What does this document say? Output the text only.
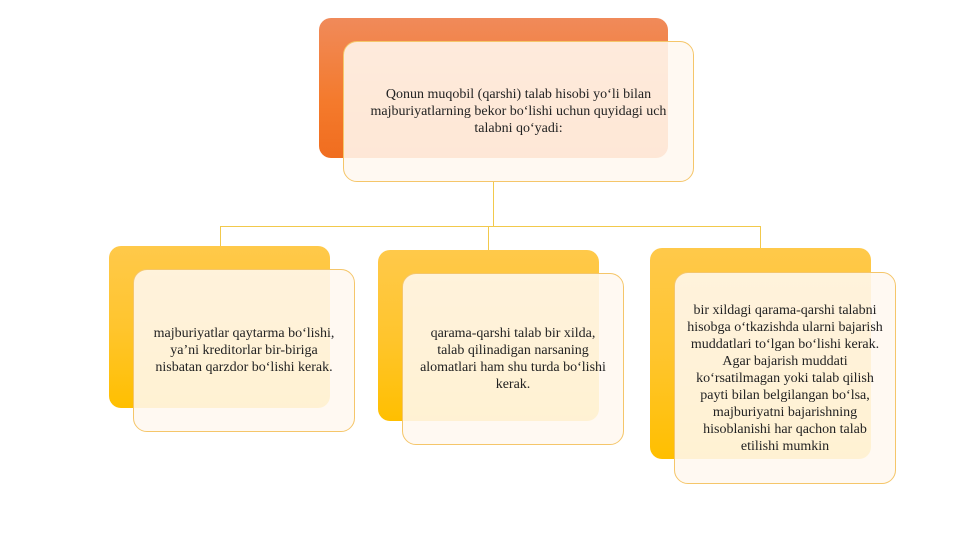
Qonun muqobil (qarshi) talab hisobi yo‘li bilan majburiyatlarning bekor bo‘lishi uchun quyidagi uch talabni qo‘yadi:
majburiyatlar qaytarma bo‘lishi, ya’ni kreditorlar bir-biriga nisbatan qarzdor bo‘lishi kerak.
qarama-qarshi talab bir xilda, talab qilinadigan narsaning alomatlari ham shu turda bo‘lishi kerak.
bir xildagi qarama-qarshi talabni hisobga o‘tkazishda ularni bajarish muddatlari to‘lgan bo‘lishi kerak. Agar bajarish muddati ko‘rsatilmagan yoki talab qilish payti bilan belgilangan bo‘lsa, majburiyatni bajarishning hisoblanishi har qachon talab etilishi mumkin
